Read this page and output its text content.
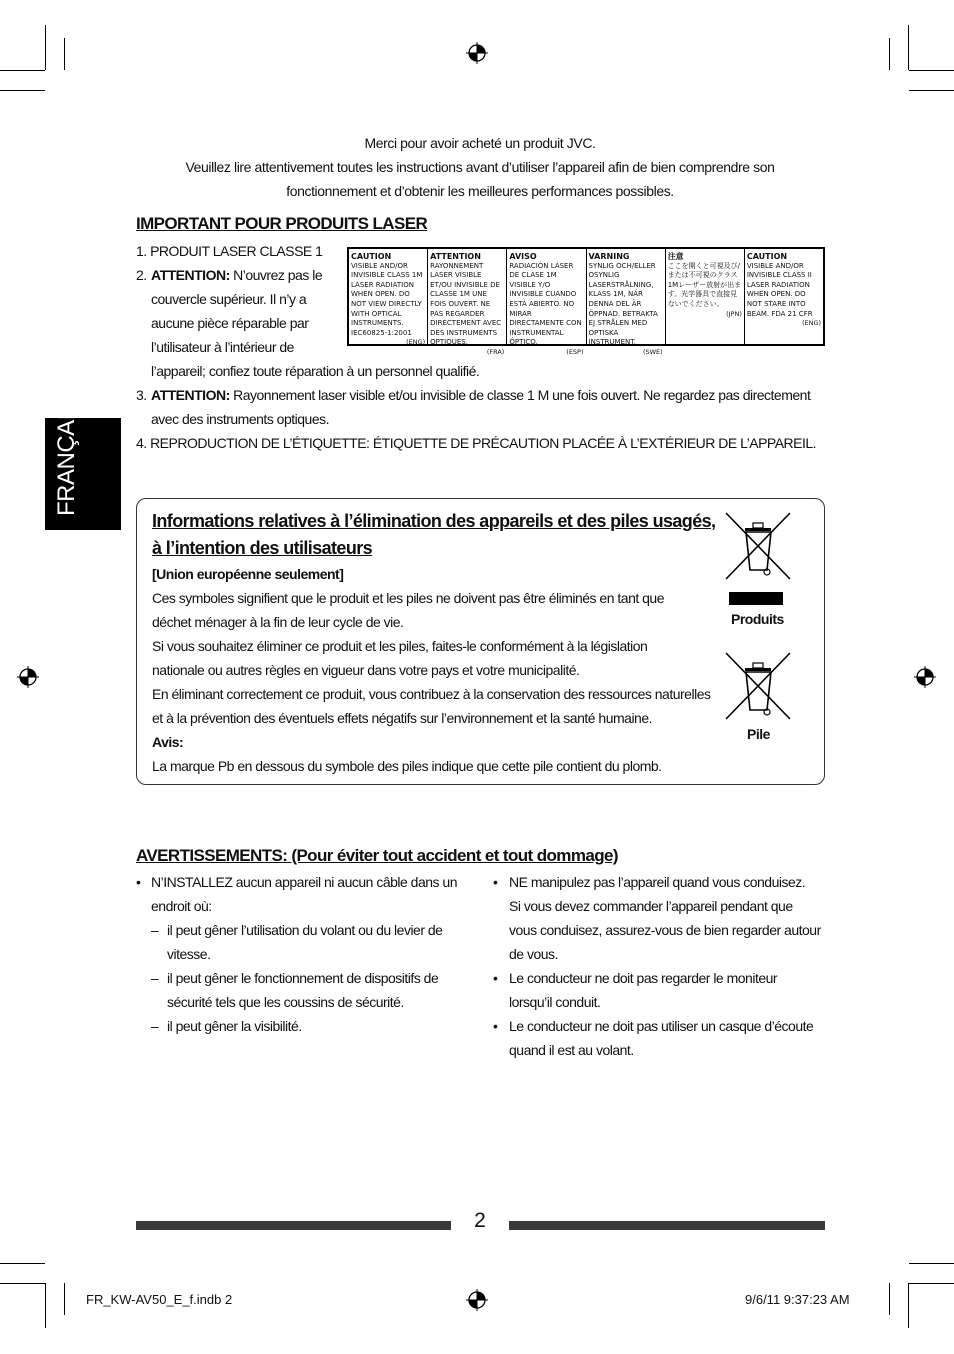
Merci pour avoir acheté un produit JVC.
Veuillez lire attentivement toutes les instructions avant d’utiliser l’appareil afin de bien comprendre son
fonctionnement et d’obtenir les meilleures performances possibles.
IMPORTANT POUR PRODUITS LASER
1. PRODUIT LASER CLASSE 1
2. ATTENTION: N’ouvrez pas le
couvercle supérieur. Il n’y a
aucune pièce réparable par
l’utilisateur à l’intérieur de
l’appareil; confiez toute réparation à un personnel qualifié.
3. ATTENTION: Rayonnement laser visible et/ou invisible de classe 1 M une fois ouvert. Ne regardez pas directement
avec des instruments optiques.
4. REPRODUCTION DE L’ÉTIQUETTE: ÉTIQUETTE DE PRÉCAUTION PLACÉE À L’EXTÉRIEUR DE L’APPAREIL.
CAUTION
VISIBLE AND/OR INVISIBLE CLASS 1M LASER RADIATION WHEN OPEN. DO NOT VIEW DIRECTLY WITH OPTICAL INSTRUMENTS. IEC60825-1:2001
(ENG)
ATTENTION
RAYONNEMENT LASER VISIBLE ET/OU INVISIBLE DE CLASSE 1M UNE FOIS OUVERT. NE PAS REGARDER DIRECTEMENT AVEC DES INSTRUMENTS OPTIQUES.
(FRA)
AVISO
RADIACIÓN LÁSER DE CLASE 1M VISIBLE Y/O INVISIBLE CUANDO ESTÁ ABIERTO. NO MIRAR DIRECTAMENTE CON INSTRUMENTAL ÓPTICO.
(ESP)
VARNING
SYNLIG OCH/ELLER OSYNLIG LASERSTRÅLNING, KLASS 1M, NÄR DENNA DEL ÄR ÖPPNAD. BETRAKTA EJ STRÅLEN MED OPTISKA INSTRUMENT.
(SWE)
注意
ここを開くと可視及び/または不可視のクラス1Mレーザー放射が出ます。光学器具で直接見ないでください。
(JPN)
CAUTION
VISIBLE AND/OR INVISIBLE CLASS II LASER RADIATION WHEN OPEN. DO NOT STARE INTO BEAM. FDA 21 CFR
(ENG)
FRANÇAIS
Informations relatives à l’élimination des appareils et des piles usagés,
à l’intention des utilisateurs
[Union européenne seulement]
Ces symboles signifient que le produit et les piles ne doivent pas être éliminés en tant que
déchet ménager à la fin de leur cycle de vie.
Si vous souhaitez éliminer ce produit et les piles, faites-le conformément à la législation
nationale ou autres règles en vigueur dans votre pays et votre municipalité.
En éliminant correctement ce produit, vous contribuez à la conservation des ressources naturelles
et à la prévention des éventuels effets négatifs sur l’environnement et la santé humaine.
Avis:
La marque Pb en dessous du symbole des piles indique que cette pile contient du plomb.
Produits
Pile
AVERTISSEMENTS: (Pour éviter tout accident et tout dommage)
• N’INSTALLEZ aucun appareil ni aucun câble dans un
endroit où:
– il peut gêner l’utilisation du volant ou du levier de
vitesse.
– il peut gêner le fonctionnement de dispositifs de
sécurité tels que les coussins de sécurité.
– il peut gêner la visibilité.
• NE manipulez pas l’appareil quand vous conduisez.
Si vous devez commander l’appareil pendant que
vous conduisez, assurez-vous de bien regarder autour
de vous.
• Le conducteur ne doit pas regarder le moniteur
lorsqu’il conduit.
• Le conducteur ne doit pas utiliser un casque d’écoute
quand il est au volant.
2
FR_KW-AV50_E_f.indb 2	9/6/11 9:37:23 AM
